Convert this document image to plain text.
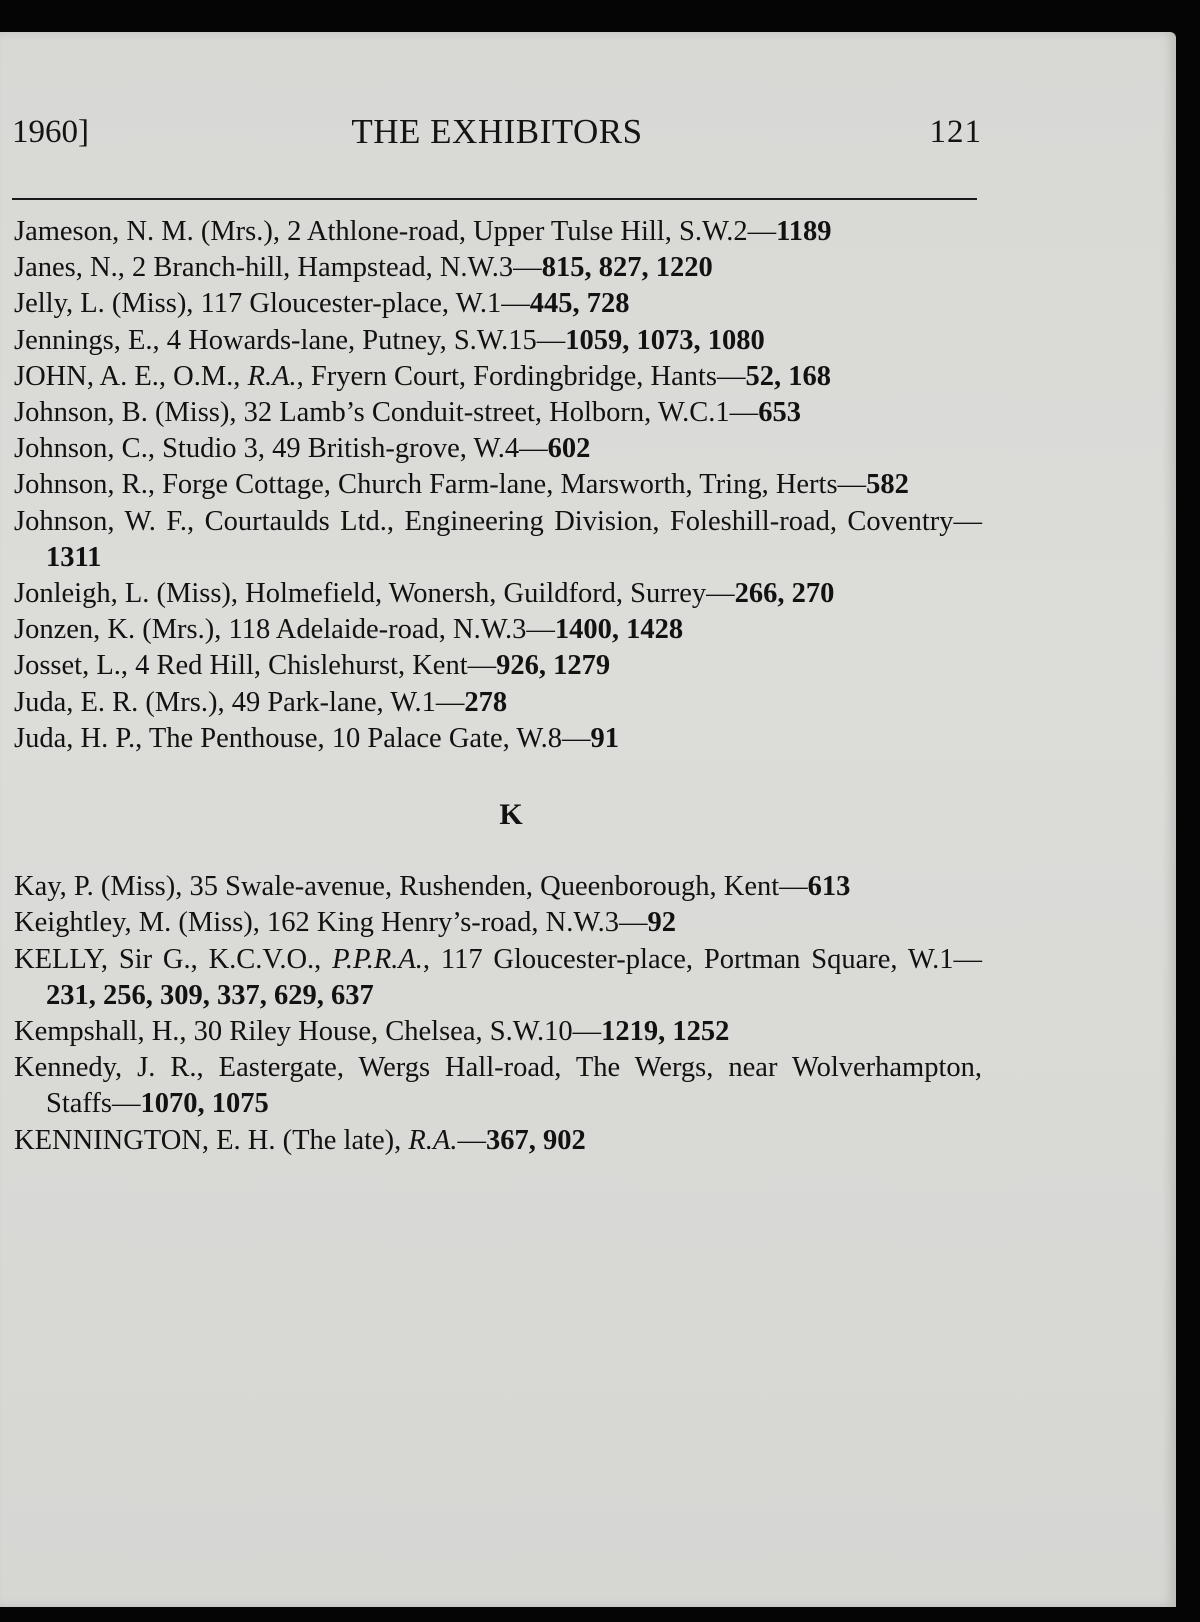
1960]	THE EXHIBITORS	121

Jameson, N. M. (Mrs.), 2 Athlone-road, Upper Tulse Hill, S.W.2—1189

Janes, N., 2 Branch-hill, Hampstead, N.W.3—815, 827, 1220

Jelly, L. (Miss), 117 Gloucester-place, W.1—445, 728

Jennings, E., 4 Howards-lane, Putney, S.W.15—1059, 1073, 1080

JOHN, A. E., O.M., R.A., Fryern Court, Fordingbridge, Hants—52, 168

Johnson, B. (Miss), 32 Lamb’s Conduit-street, Holborn, W.C.1—653

Johnson, C., Studio 3, 49 British-grove, W.4—602

Johnson, R., Forge Cottage, Church Farm-lane, Marsworth, Tring, Herts—582

Johnson, W. F., Courtaulds Ltd., Engineering Division, Foleshill-road, Coventry—1311

Jonleigh, L. (Miss), Holmefield, Wonersh, Guildford, Surrey—266, 270

Jonzen, K. (Mrs.), 118 Adelaide-road, N.W.3—1400, 1428

Josset, L., 4 Red Hill, Chislehurst, Kent—926, 1279

Juda, E. R. (Mrs.), 49 Park-lane, W.1—278

Juda, H. P., The Penthouse, 10 Palace Gate, W.8—91

K

Kay, P. (Miss), 35 Swale-avenue, Rushenden, Queenborough, Kent—613

Keightley, M. (Miss), 162 King Henry’s-road, N.W.3—92

KELLY, Sir G., K.C.V.O., P.P.R.A., 117 Gloucester-place, Portman Square, W.1—231, 256, 309, 337, 629, 637

Kempshall, H., 30 Riley House, Chelsea, S.W.10—1219, 1252

Kennedy, J. R., Eastergate, Wergs Hall-road, The Wergs, near Wolverhampton, Staffs—1070, 1075

KENNINGTON, E. H. (The late), R.A.—367, 902
